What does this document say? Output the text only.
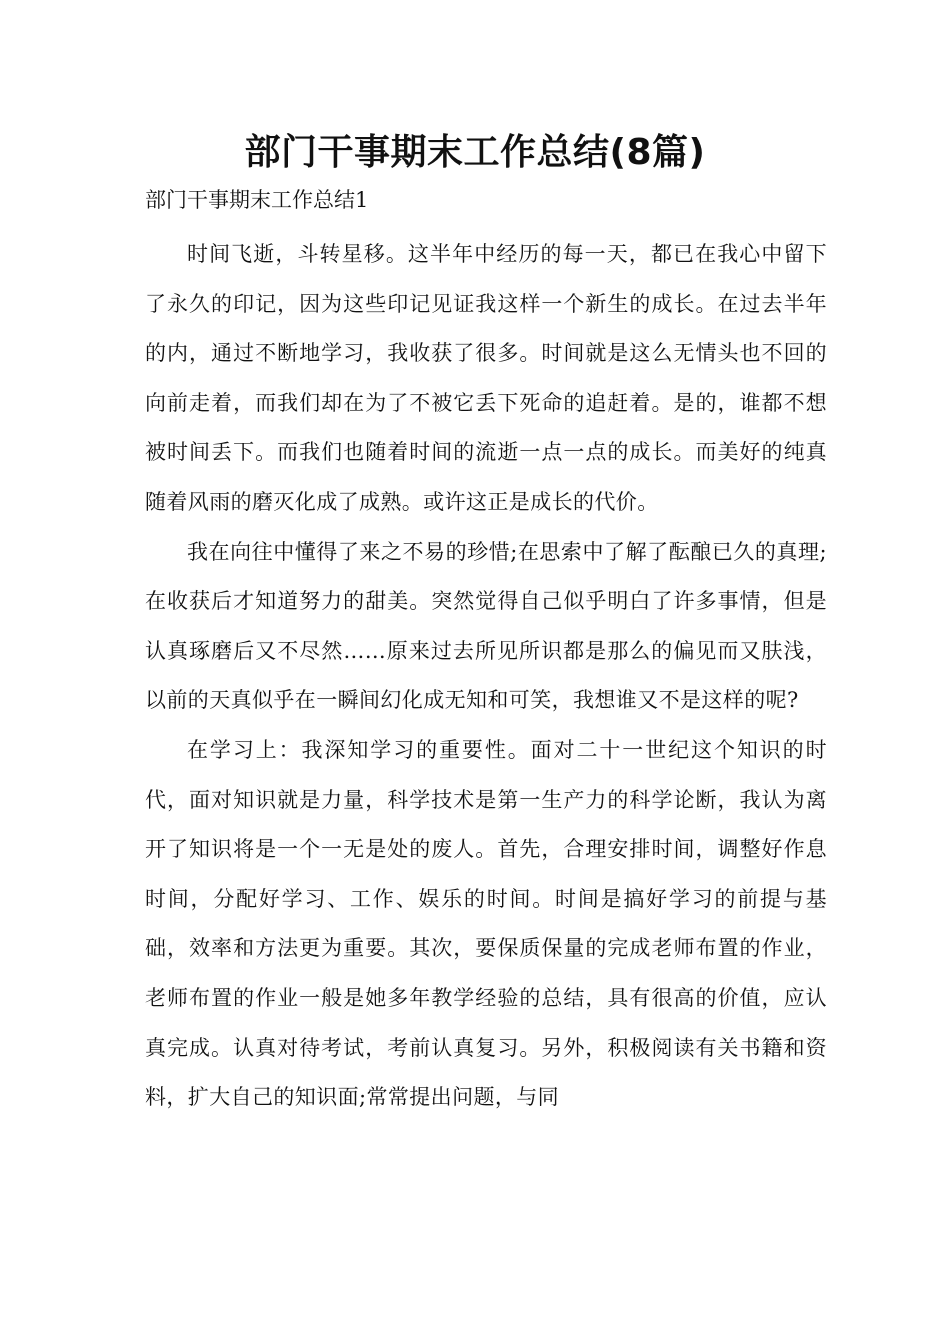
部门干事期末工作总结(8篇)

部门干事期末工作总结1

时间飞逝，斗转星移。这半年中经历的每一天，都已在我心中留下了永久的印记，因为这些印记见证我这样一个新生的成长。在过去半年的内，通过不断地学习，我收获了很多。时间就是这么无情头也不回的向前走着，而我们却在为了不被它丢下死命的追赶着。是的，谁都不想被时间丢下。而我们也随着时间的流逝一点一点的成长。而美好的纯真随着风雨的磨灭化成了成熟。或许这正是成长的代价。

我在向往中懂得了来之不易的珍惜;在思索中了解了酝酿已久的真理;在收获后才知道努力的甜美。突然觉得自己似乎明白了许多事情，但是认真琢磨后又不尽然……原来过去所见所识都是那么的偏见而又肤浅，以前的天真似乎在一瞬间幻化成无知和可笑，我想谁又不是这样的呢?

在学习上：我深知学习的重要性。面对二十一世纪这个知识的时代，面对知识就是力量，科学技术是第一生产力的科学论断，我认为离开了知识将是一个一无是处的废人。首先，合理安排时间，调整好作息时间，分配好学习、工作、娱乐的时间。时间是搞好学习的前提与基础，效率和方法更为重要。其次，要保质保量的完成老师布置的作业，老师布置的作业一般是她多年教学经验的总结，具有很高的价值，应认真完成。认真对待考试，考前认真复习。另外，积极阅读有关书籍和资料，扩大自己的知识面;常常提出问题，与同
